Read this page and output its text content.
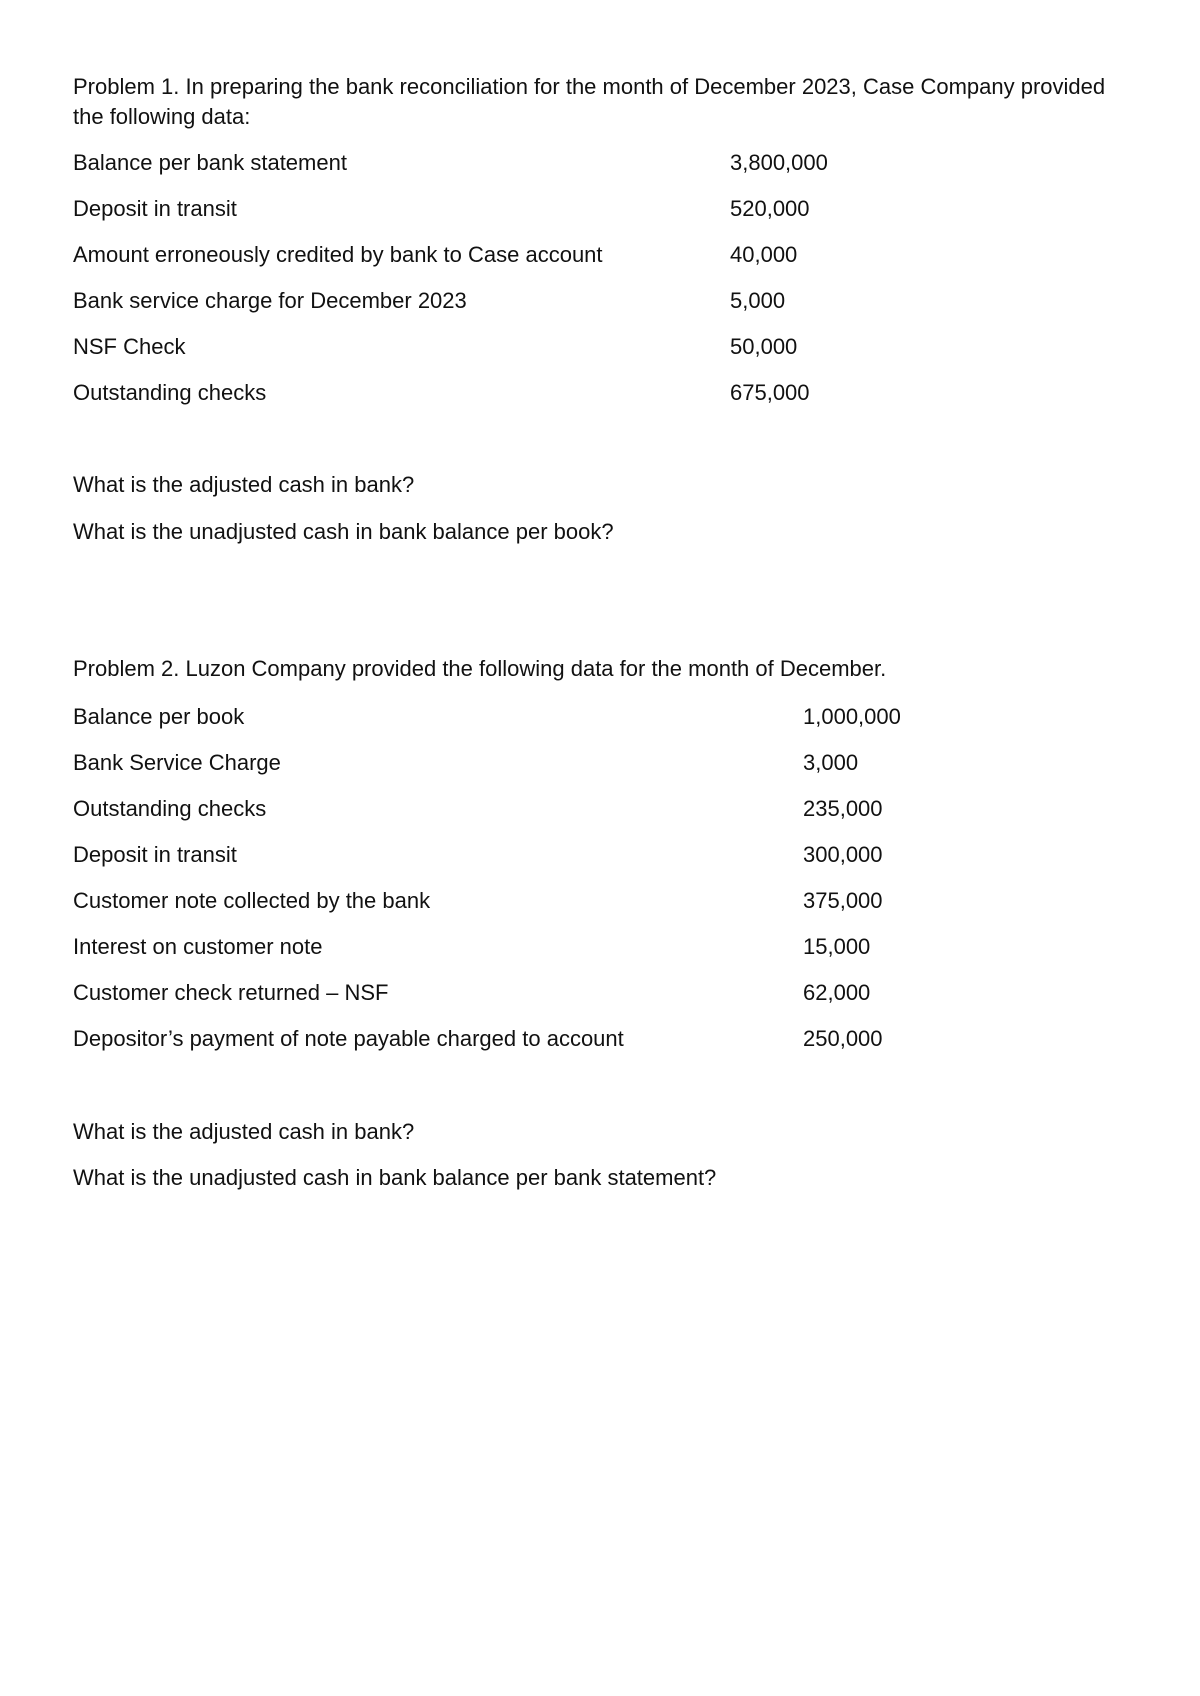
Problem 1. In preparing the bank reconciliation for the month of December 2023, Case Company provided the following data:

Balance per bank statement	3,800,000
Deposit in transit	520,000
Amount erroneously credited by bank to Case account	40,000
Bank service charge for December 2023	5,000
NSF Check	50,000
Outstanding checks	675,000
What is the adjusted cash in bank?
What is the unadjusted cash in bank balance per book?

Problem 2. Luzon Company provided the following data for the month of December.

Balance per book	1,000,000
Bank Service Charge	3,000
Outstanding checks	235,000
Deposit in transit	300,000
Customer note collected by the bank	375,000
Interest on customer note	15,000
Customer check returned – NSF	62,000
Depositor’s payment of note payable charged to account	250,000
What is the adjusted cash in bank?
What is the unadjusted cash in bank balance per bank statement?
